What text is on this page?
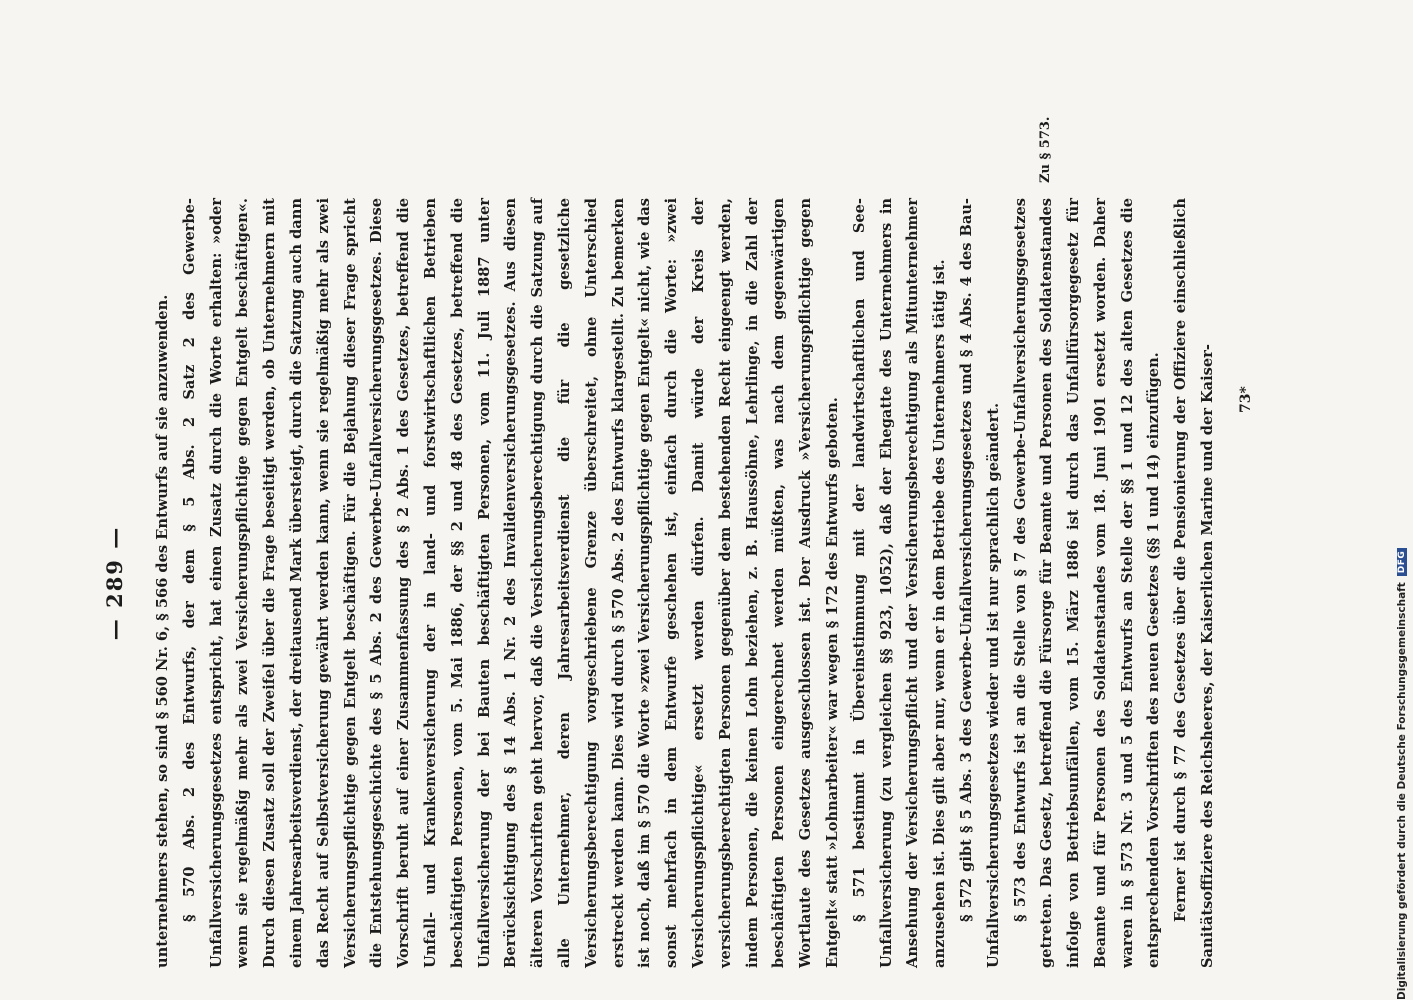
— 289 — unternehmers stehen, so sind § 560 Nr. 6, § 566 des Entwurfs auf sie anzuwenden. § 570 Abs. 2 des Entwurfs, der dem § 5 Abs. 2 Satz 2 des Gewerbe-Unfallversicherungsgesetzes entspricht, hat einen Zusatz durch die Worte erhalten: »oder wenn sie regelmäßig mehr als zwei Versicherungspflichtige gegen Entgelt beschäftigen«. Durch diesen Zusatz soll der Zweifel über die Frage beseitigt werden, ob Unternehmern mit einem Jahresarbeitsverdienst, der dreitausend Mark übersteigt, durch die Satzung auch dann das Recht auf Selbstversicherung gewährt werden kann, wenn sie regelmäßig mehr als zwei Versicherungspflichtige gegen Entgelt beschäftigen. Für die Bejahung dieser Frage spricht die Entstehungsgeschichte des § 5 Abs. 2 des Gewerbe-Unfallversicherungsgesetzes. Diese Vorschrift beruht auf einer Zusammenfassung des § 2 Abs. 1 des Gesetzes, betreffend die Unfall- und Krankenversicherung der in land- und forstwirtschaftlichen Betrieben beschäftigten Personen, vom 5. Mai 1886, der §§ 2 und 48 des Gesetzes, betreffend die Unfallversicherung der bei Bauten beschäftigten Personen, vom 11. Juli 1887 unter Berücksichtigung des § 14 Abs. 1 Nr. 2 des Invalidenversicherungsgesetzes. Aus diesen älteren Vorschriften geht hervor, daß die Versicherungsberechtigung durch die Satzung auf alle Unternehmer, deren Jahresarbeitsverdienst die für die gesetzliche Versicherungsberechtigung vorgeschriebene Grenze überschreitet, ohne Unterschied erstreckt werden kann. Dies wird durch § 570 Abs. 2 des Entwurfs klargestellt. Zu bemerken ist noch, daß im § 570 die Worte »zwei Versicherungspflichtige gegen Entgelt« nicht, wie das sonst mehrfach in dem Entwurfe geschehen ist, einfach durch die Worte: »zwei Versicherungspflichtige« ersetzt werden dürfen. Damit würde der Kreis der versicherungsberechtigten Personen gegenüber dem bestehenden Recht eingeengt werden, indem Personen, die keinen Lohn beziehen, z. B. Haussöhne, Lehrlinge, in die Zahl der beschäftigten Personen eingerechnet werden müßten, was nach dem gegenwärtigen Wortlaute des Gesetzes ausgeschlossen ist. Der Ausdruck »Versicherungspflichtige gegen Entgelt« statt »Lohnarbeiter« war wegen § 172 des Entwurfs geboten. § 571 bestimmt in Übereinstimmung mit der landwirtschaftlichen und See-Unfallversicherung (zu vergleichen §§ 923, 1052), daß der Ehegatte des Unternehmers in Ansehung der Versicherungspflicht und der Versicherungsberechtigung als Mitunternehmer anzusehen ist. Dies gilt aber nur, wenn er in dem Betriebe des Unternehmers tätig ist. § 572 gibt § 5 Abs. 3 des Gewerbe-Unfallversicherungsgesetzes und § 4 Abs. 4 des Bau-Unfallversicherungsgesetzes wieder und ist nur sprachlich geändert. § 573 des Entwurfs ist an die Stelle von § 7 des Gewerbe-Unfallversicherungsgesetzes getreten. Das Gesetz, betreffend die Fürsorge für Beamte und Personen des Soldatenstandes infolge von Betriebsunfällen, vom 15. März 1886 ist durch das Unfallfürsorgegesetz für Beamte und für Personen des Soldatenstandes vom 18. Juni 1901 ersetzt worden. Daher waren in § 573 Nr. 3 und 5 des Entwurfs an Stelle der §§ 1 und 12 des alten Gesetzes die entsprechenden Vorschriften des neuen Gesetzes (§§ 1 und 14) einzufügen. Ferner ist durch § 77 des Gesetzes über die Pensionierung der Offiziere einschließlich Sanitätsoffiziere des Reichsheeres, der Kaiserlichen Marine und der Kaiser-

Zu § 573.
73*
Digitalisierung gefördert durch die Deutsche Forschungsgemeinschaft
DFG
